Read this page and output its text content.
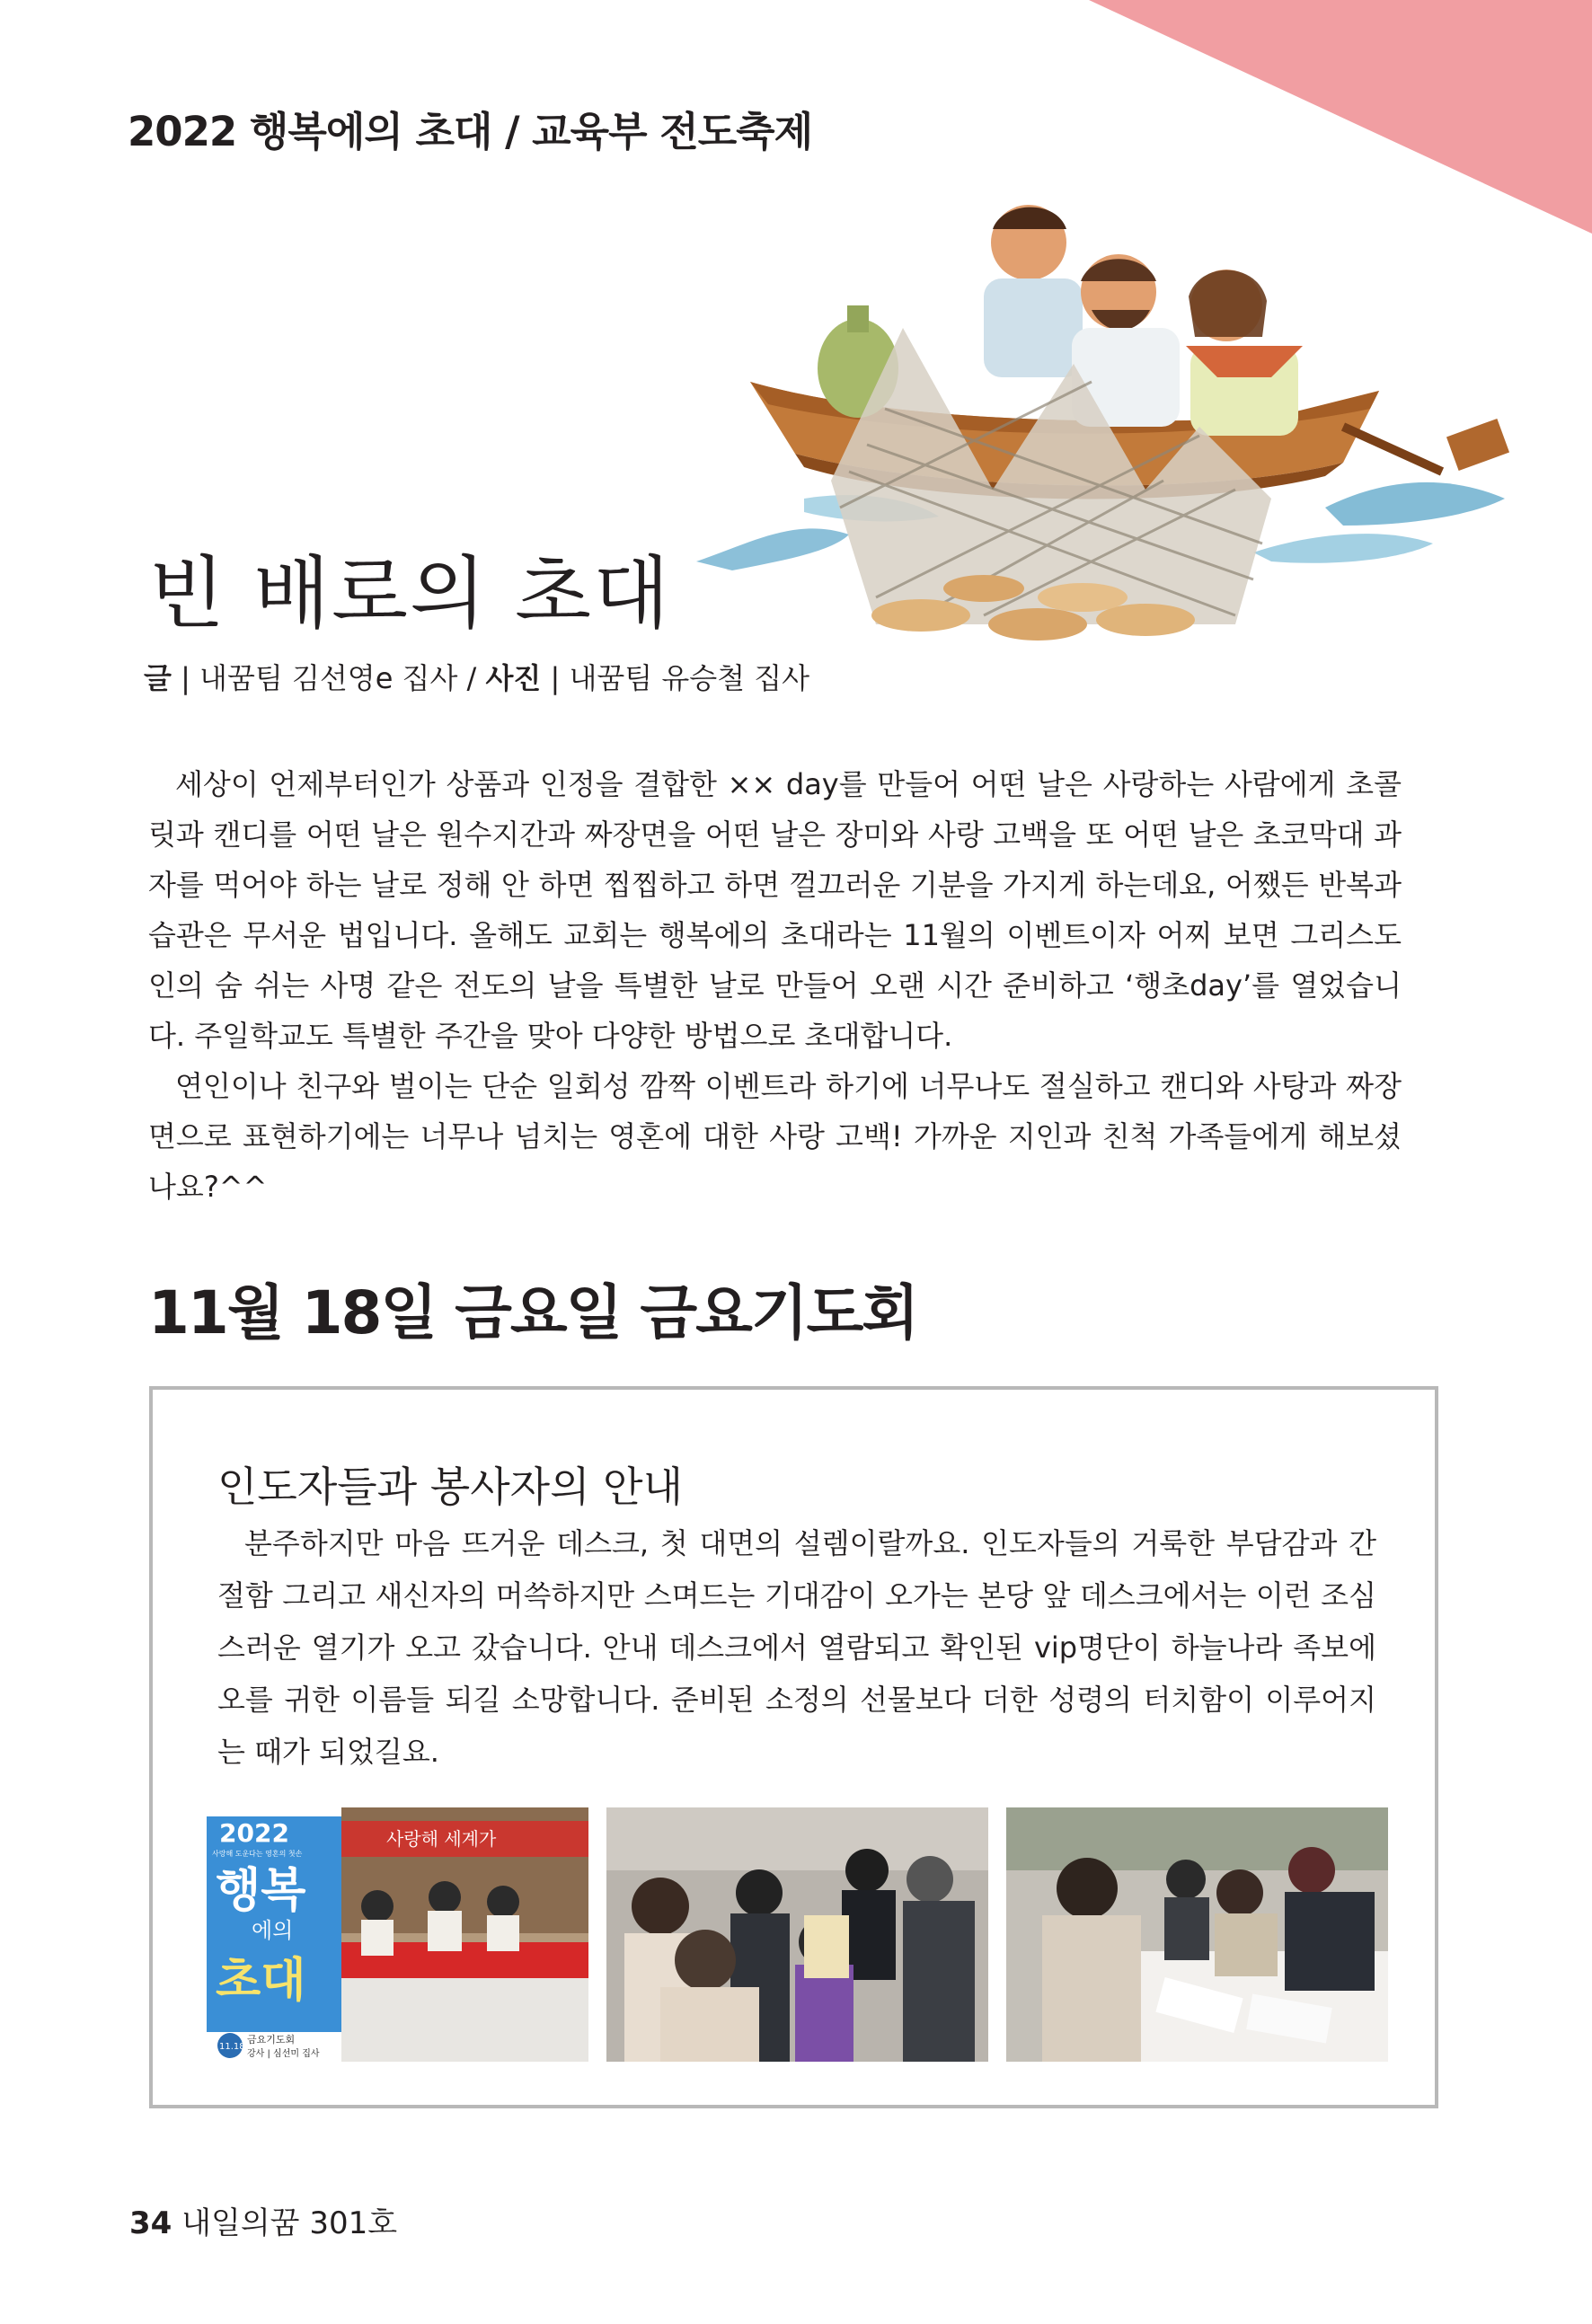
2022 행복에의 초대 / 교육부 전도축제
빈 배로의 초대
글 | 내꿈팀 김선영e 집사 / 사진 | 내꿈팀 유승철 집사

세상이 언제부터인가 상품과 인정을 결합한 ×× day를 만들어 어떤 날은 사랑하는 사람에게 초콜릿과 캔디를 어떤 날은 원수지간과 짜장면을 어떤 날은 장미와 사랑 고백을 또 어떤 날은 초코막대 과자를 먹어야 하는 날로 정해 안 하면 찝찝하고 하면 껄끄러운 기분을 가지게 하는데요, 어쨌든 반복과 습관은 무서운 법입니다. 올해도 교회는 행복에의 초대라는 11월의 이벤트이자 어찌 보면 그리스도인의 숨 쉬는 사명 같은 전도의 날을 특별한 날로 만들어 오랜 시간 준비하고 ‘행초day’를 열었습니다. 주일학교도 특별한 주간을 맞아 다양한 방법으로 초대합니다.

연인이나 친구와 벌이는 단순 일회성 깜짝 이벤트라 하기에 너무나도 절실하고 캔디와 사탕과 짜장면으로 표현하기에는 너무나 넘치는 영혼에 대한 사랑 고백! 가까운 지인과 친척 가족들에게 해보셨나요?^^

11월 18일 금요일 금요기도회
인도자들과 봉사자의 안내

분주하지만 마음 뜨거운 데스크, 첫 대면의 설렘이랄까요. 인도자들의 거룩한 부담감과 간절함 그리고 새신자의 머쓱하지만 스며드는 기대감이 오가는 본당 앞 데스크에서는 이런 조심스러운 열기가 오고 갔습니다. 안내 데스크에서 열람되고 확인된 vip명단이 하늘나라 족보에 오를 귀한 이름들 되길 소망합니다. 준비된 소정의 선물보다 더한 성령의 터치함이 이루어지는 때가 되었길요.

사랑해 세계가
2022
사랑해 도운다는 영혼의 첫손
행복
에의
초대
11.18
금요기도회
강사 | 심선미 집사
34 내일의꿈 301호
